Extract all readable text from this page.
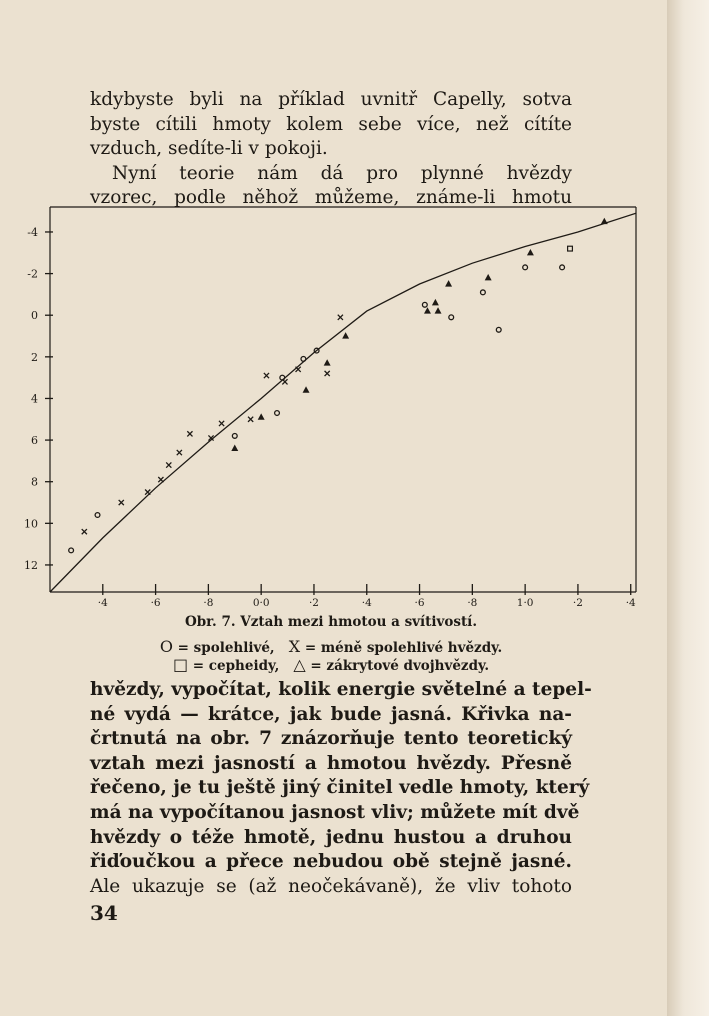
kdybyste byli na příklad uvnitř Capelly, sotva
byste cítili hmoty kolem sebe více, než cítíte
vzduch, sedíte-li v pokoji.
Nyní teorie nám dá pro plynné hvězdy
vzorec, podle něhož můžeme, známe-li hmotu
-4
-2
0
2
4
6
8
10
12
·4	·6	·8	0·0	·2	·4	·6	·8	1·0	·2	·4

Obr. 7. Vztah mezi hmotou a svítivostí.

O = spolehlivé, X = méně spolehlivé hvězdy.

□ = cepheidy, △ = zákrytové dvojhvězdy.

hvězdy, vypočítat, kolik energie světelné a tepel-
né vydá — krátce, jak bude jasná. Křivka na-
črtnutá na obr. 7 znázorňuje tento teoretický
vztah mezi jasností a hmotou hvězdy. Přesně
řečeno, je tu ještě jiný činitel vedle hmoty, který
má na vypočítanou jasnost vliv; můžete mít dvě
hvězdy o téže hmotě, jednu hustou a druhou
řiďoučkou a přece nebudou obě stejně jasné.
Ale ukazuje se (až neočekávaně), že vliv tohoto

34
